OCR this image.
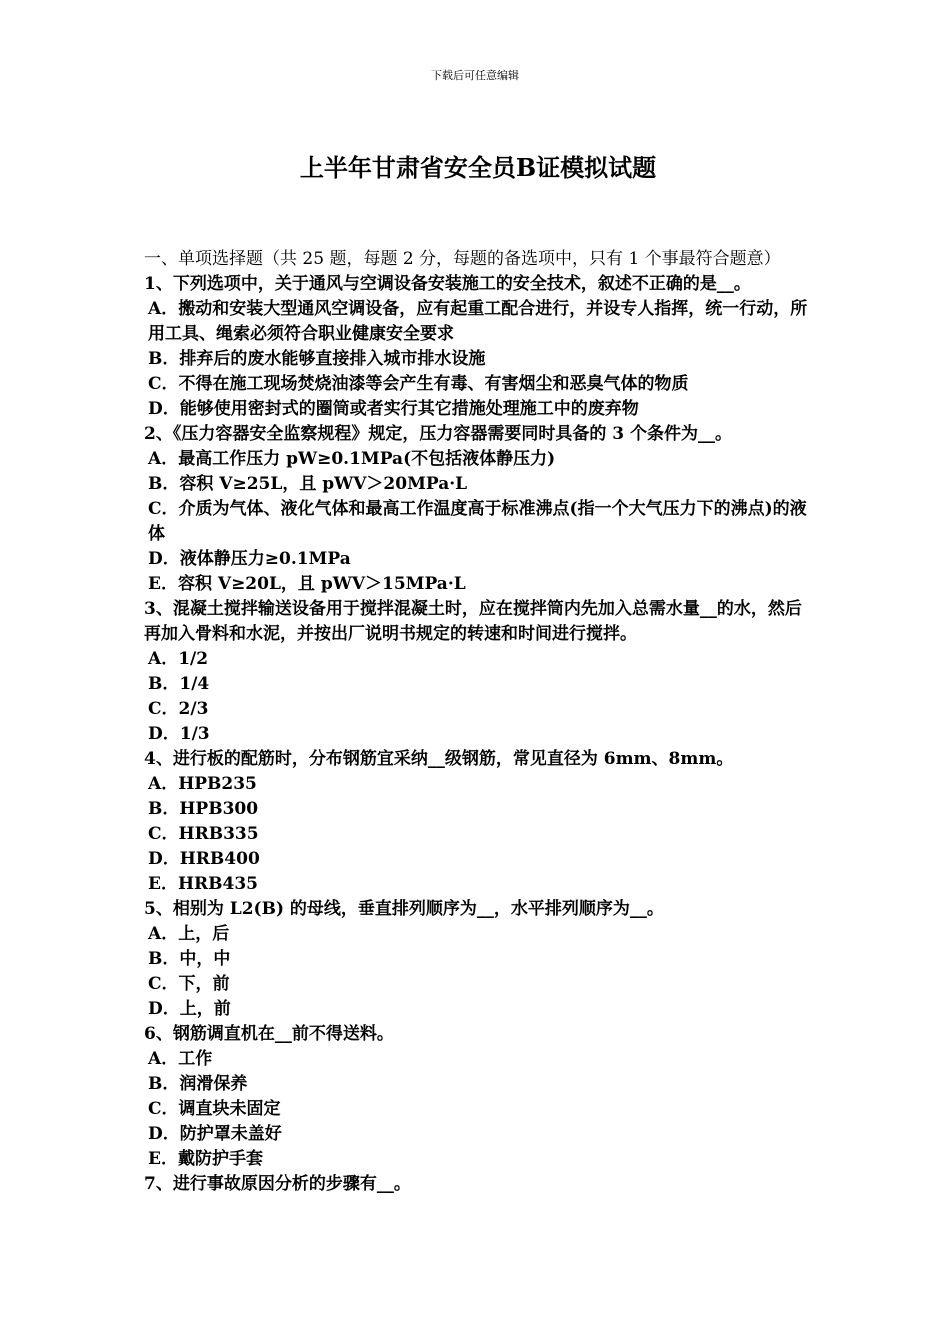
下载后可任意编辑
上半年甘肃省安全员B证模拟试题
一、单项选择题（共 25 题，每题 2 分，每题的备选项中，只有 1 个事最符合题意）
1、下列选项中，关于通风与空调设备安装施工的安全技术，叙述不正确的是__。
A．搬动和安装大型通风空调设备，应有起重工配合进行，并设专人指挥，统一行动，所用工具、绳索必须符合职业健康安全要求
B．排弃后的废水能够直接排入城市排水设施
C．不得在施工现场焚烧油漆等会产生有毒、有害烟尘和恶臭气体的物质
D．能够使用密封式的圈筒或者实行其它措施处理施工中的废弃物
2、《压力容器安全监察规程》规定，压力容器需要同时具备的 3 个条件为__。
A．最高工作压力 pW≥0.1MPa(不包括液体静压力)
B．容积 V≥25L，且 pWV＞20MPa·L
C．介质为气体、液化气体和最高工作温度高于标准沸点(指一个大气压力下的沸点)的液体
D．液体静压力≥0.1MPa
E．容积 V≥20L，且 pWV＞15MPa·L
3、混凝土搅拌输送设备用于搅拌混凝土时，应在搅拌筒内先加入总需水量__的水，然后再加入骨料和水泥，并按出厂说明书规定的转速和时间进行搅拌。
A．1/2
B．1/4
C．2/3
D．1/3
4、进行板的配筋时，分布钢筋宜采纳__级钢筋，常见直径为 6mm、8mm。
A．HPB235
B．HPB300
C．HRB335
D．HRB400
E．HRB435
5、相别为 L2(B) 的母线，垂直排列顺序为__，水平排列顺序为__。
A．上，后
B．中，中
C．下，前
D．上，前
6、钢筋调直机在__前不得送料。
A．工作
B．润滑保养
C．调直块未固定
D．防护罩未盖好
E．戴防护手套
7、进行事故原因分析的步骤有__。
